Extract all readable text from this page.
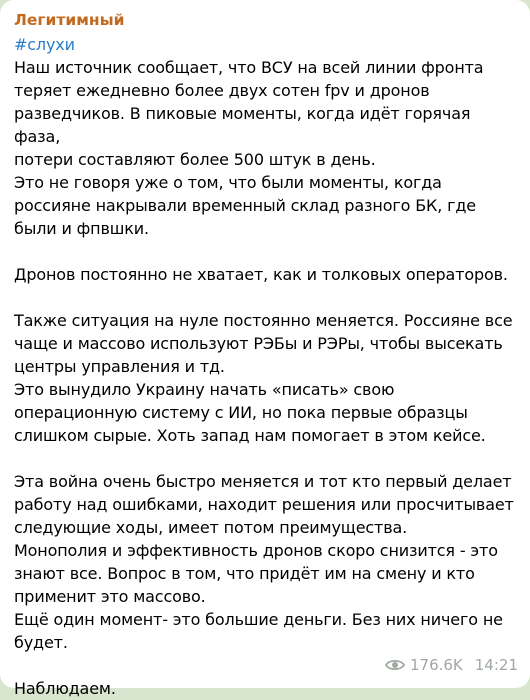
Легитимный
#слухи

Наш источник сообщает, что ВСУ на всей линии фронта
теряет ежедневно более двух сотен fpv и дронов
разведчиков. В пиковые моменты, когда идёт горячая фаза,
потери составляют более 500 штук в день.
Это не говоря уже о том, что были моменты, когда
россияне накрывали временный склад разного БК, где
были и фпвшки.

Дронов постоянно не хватает, как и толковых операторов.

Также ситуация на нуле постоянно меняется. Россияне все
чаще и массово используют РЭБы и РЭРы, чтобы высекать
центры управления и тд.
Это вынудило Украину начать «писать» свою
операционную систему с ИИ, но пока первые образцы
слишком сырые. Хоть запад нам помогает в этом кейсе.

Эта война очень быстро меняется и тот кто первый делает
работу над ошибками, находит решения или просчитывает
следующие ходы, имеет потом преимущества.
Монополия и эффективность дронов скоро снизится - это
знают все. Вопрос в том, что придёт им на смену и кто
применит это массово.
Ещё один момент- это большие деньги. Без них ничего не
будет.

Наблюдаем.

176.6K 14:21
